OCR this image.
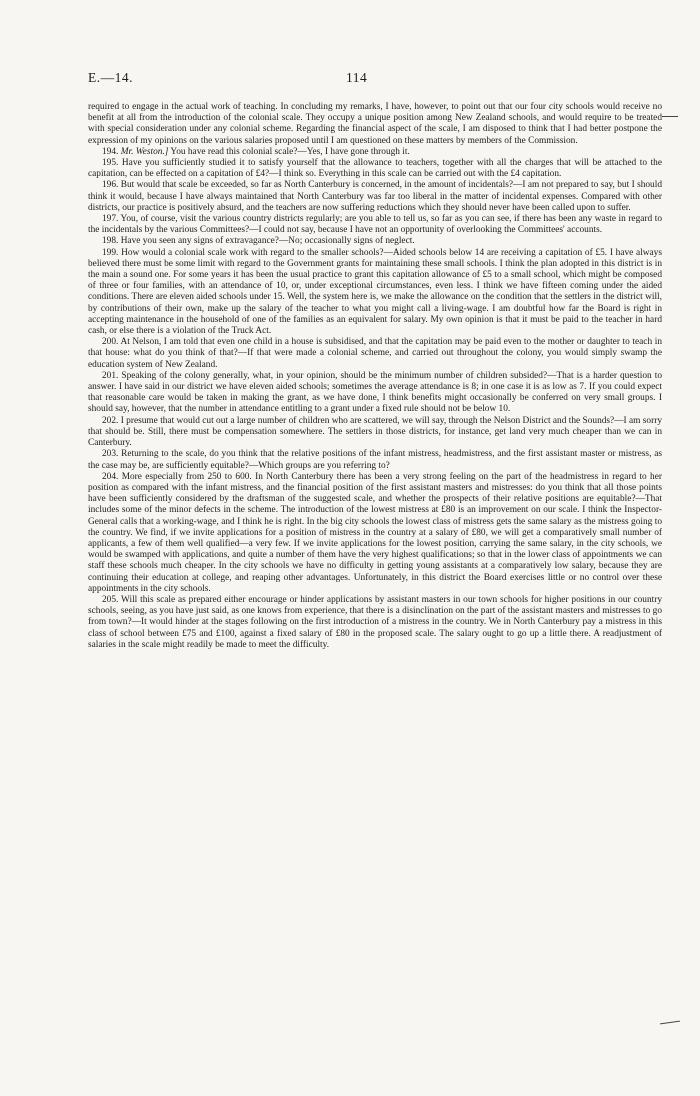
E.—14.	114

required to engage in the actual work of teaching. In concluding my remarks, I have, however, to point out that our four city schools would receive no benefit at all from the introduction of the colonial scale. They occupy a unique position among New Zealand schools, and would require to be treated with special consideration under any colonial scheme. Regarding the financial aspect of the scale, I am disposed to think that I had better postpone the expression of my opinions on the various salaries proposed until I am questioned on these matters by members of the Commission.

194. Mr. Weston.] You have read this colonial scale?—Yes, I have gone through it.

195. Have you sufficiently studied it to satisfy yourself that the allowance to teachers, together with all the charges that will be attached to the capitation, can be effected on a capitation of £4?—I think so. Everything in this scale can be carried out with the £4 capitation.

196. But would that scale be exceeded, so far as North Canterbury is concerned, in the amount of incidentals?—I am not prepared to say, but I should think it would, because I have always maintained that North Canterbury was far too liberal in the matter of incidental expenses. Compared with other districts, our practice is positively absurd, and the teachers are now suffering reductions which they should never have been called upon to suffer.

197. You, of course, visit the various country districts regularly; are you able to tell us, so far as you can see, if there has been any waste in regard to the incidentals by the various Committees?—I could not say, because I have not an opportunity of overlooking the Committees' accounts.

198. Have you seen any signs of extravagance?—No; occasionally signs of neglect.

199. How would a colonial scale work with regard to the smaller schools?—Aided schools below 14 are receiving a capitation of £5. I have always believed there must be some limit with regard to the Government grants for maintaining these small schools. I think the plan adopted in this district is in the main a sound one. For some years it has been the usual practice to grant this capitation allowance of £5 to a small school, which might be composed of three or four families, with an attendance of 10, or, under exceptional circumstances, even less. I think we have fifteen coming under the aided conditions. There are eleven aided schools under 15. Well, the system here is, we make the allowance on the condition that the settlers in the district will, by contributions of their own, make up the salary of the teacher to what you might call a living-wage. I am doubtful how far the Board is right in accepting maintenance in the household of one of the families as an equivalent for salary. My own opinion is that it must be paid to the teacher in hard cash, or else there is a violation of the Truck Act.

200. At Nelson, I am told that even one child in a house is subsidised, and that the capitation may be paid even to the mother or daughter to teach in that house: what do you think of that?—If that were made a colonial scheme, and carried out throughout the colony, you would simply swamp the education system of New Zealand.

201. Speaking of the colony generally, what, in your opinion, should be the minimum number of children subsided?—That is a harder question to answer. I have said in our district we have eleven aided schools; sometimes the average attendance is 8; in one case it is as low as 7. If you could expect that reasonable care would be taken in making the grant, as we have done, I think benefits might occasionally be conferred on very small groups. I should say, however, that the number in attendance entitling to a grant under a fixed rule should not be below 10.

202. I presume that would cut out a large number of children who are scattered, we will say, through the Nelson District and the Sounds?—I am sorry that should be. Still, there must be compensation somewhere. The settlers in those districts, for instance, get land very much cheaper than we can in Canterbury.

203. Returning to the scale, do you think that the relative positions of the infant mistress, headmistress, and the first assistant master or mistress, as the case may be, are sufficiently equitable?—Which groups are you referring to?

204. More especially from 250 to 600. In North Canterbury there has been a very strong feeling on the part of the headmistress in regard to her position as compared with the infant mistress, and the financial position of the first assistant masters and mistresses: do you think that all those points have been sufficiently considered by the draftsman of the suggested scale, and whether the prospects of their relative positions are equitable?—That includes some of the minor defects in the scheme. The introduction of the lowest mistress at £80 is an improvement on our scale. I think the Inspector-General calls that a working-wage, and I think he is right. In the big city schools the lowest class of mistress gets the same salary as the mistress going to the country. We find, if we invite applications for a position of mistress in the country at a salary of £80, we will get a comparatively small number of applicants, a few of them well qualified—a very few. If we invite applications for the lowest position, carrying the same salary, in the city schools, we would be swamped with applications, and quite a number of them have the very highest qualifications; so that in the lower class of appointments we can staff these schools much cheaper. In the city schools we have no difficulty in getting young assistants at a comparatively low salary, because they are continuing their education at college, and reaping other advantages. Unfortunately, in this district the Board exercises little or no control over these appointments in the city schools.

205. Will this scale as prepared either encourage or hinder applications by assistant masters in our town schools for higher positions in our country schools, seeing, as you have just said, as one knows from experience, that there is a disinclination on the part of the assistant masters and mistresses to go from town?—It would hinder at the stages following on the first introduction of a mistress in the country. We in North Canterbury pay a mistress in this class of school between £75 and £100, against a fixed salary of £80 in the proposed scale. The salary ought to go up a little there. A readjustment of salaries in the scale might readily be made to meet the difficulty.
